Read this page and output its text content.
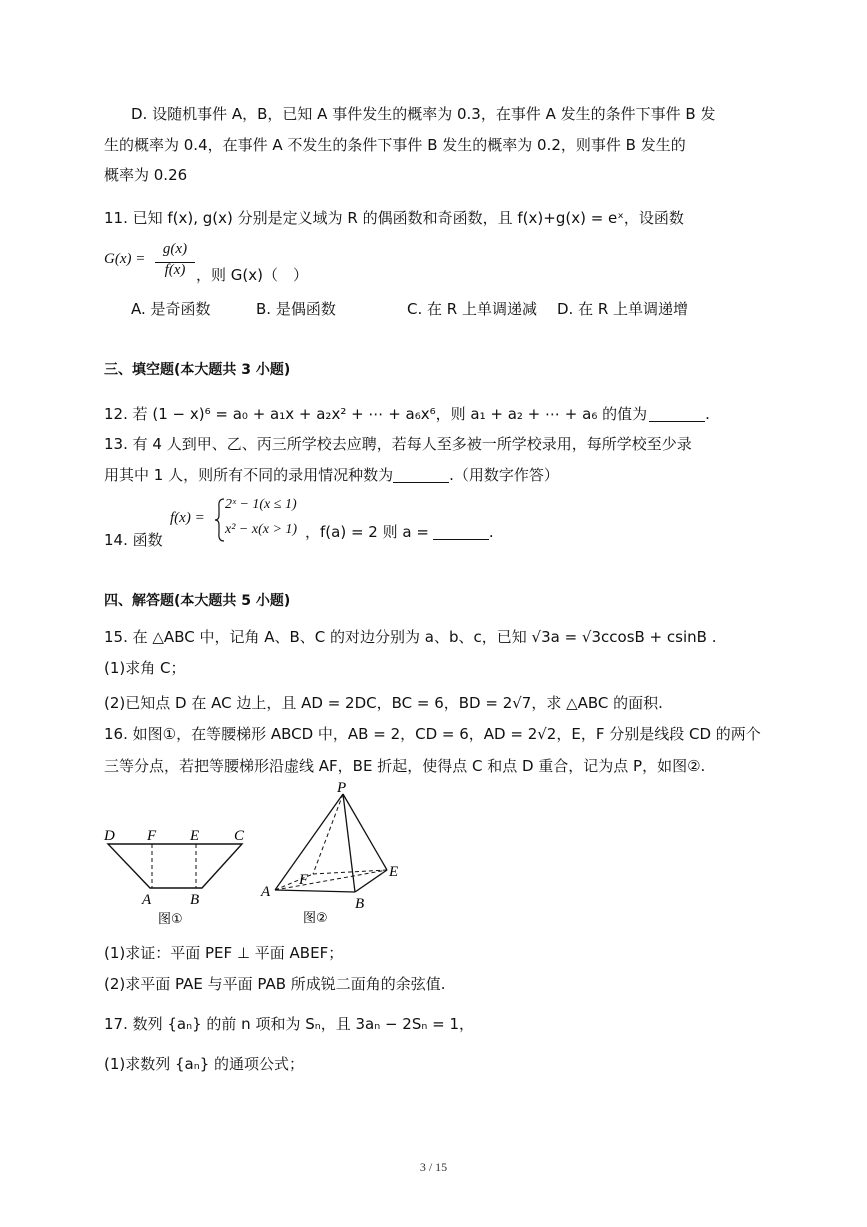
D. 设随机事件 A，B，已知 A 事件发生的概率为 0.3，在事件 A 发生的条件下事件 B 发
生的概率为 0.4，在事件 A 不发生的条件下事件 B 发生的概率为 0.2，则事件 B 发生的
概率为 0.26
11. 已知 f(x), g(x) 分别是定义域为 R 的偶函数和奇函数，且 f(x)+g(x) = eˣ，设函数
G(x) =
g(x)
f(x) ，则 G(x)（　）
A. 是奇函数	B. 是偶函数	C. 在 R 上单调递减 D. 在 R 上单调递增
三、填空题(本大题共 3 小题)
12. 若 (1 − x)⁶ = a₀ + a₁x + a₂x² + ⋯ + a₆x⁶，则 a₁ + a₂ + ⋯ + a₆ 的值为	.
13. 有 4 人到甲、乙、丙三所学校去应聘，若每人至多被一所学校录用，每所学校至少录
用其中 1 人，则所有不同的录用情况种数为	.（用数字作答）
14. 函数
f(x) =
2ˣ − 1(x ≤ 1)
x² − x(x > 1) ，f(a) = 2 则 a =	.
四、解答题(本大题共 5 小题)
15. 在 △ABC 中，记角 A、B、C 的对边分别为 a、b、c，已知 √3a = √3ccosB + csinB .
(1)求角 C；
(2)已知点 D 在 AC 边上，且 AD = 2DC，BC = 6，BD = 2√7，求 △ABC 的面积.
16. 如图①，在等腰梯形 ABCD 中，AB = 2，CD = 6，AD = 2√2，E，F 分别是线段 CD 的两个
三等分点，若把等腰梯形沿虚线 AF，BE 折起，使得点 C 和点 D 重合，记为点 P，如图②.
D F E C
A	B
图①
P
E
F
A
B
图②
(1)求证：平面 PEF ⊥ 平面 ABEF；
(2)求平面 PAE 与平面 PAB 所成锐二面角的余弦值.
17. 数列 {aₙ} 的前 n 项和为 Sₙ，且 3aₙ − 2Sₙ = 1，
(1)求数列 {aₙ} 的通项公式；
3 / 15
